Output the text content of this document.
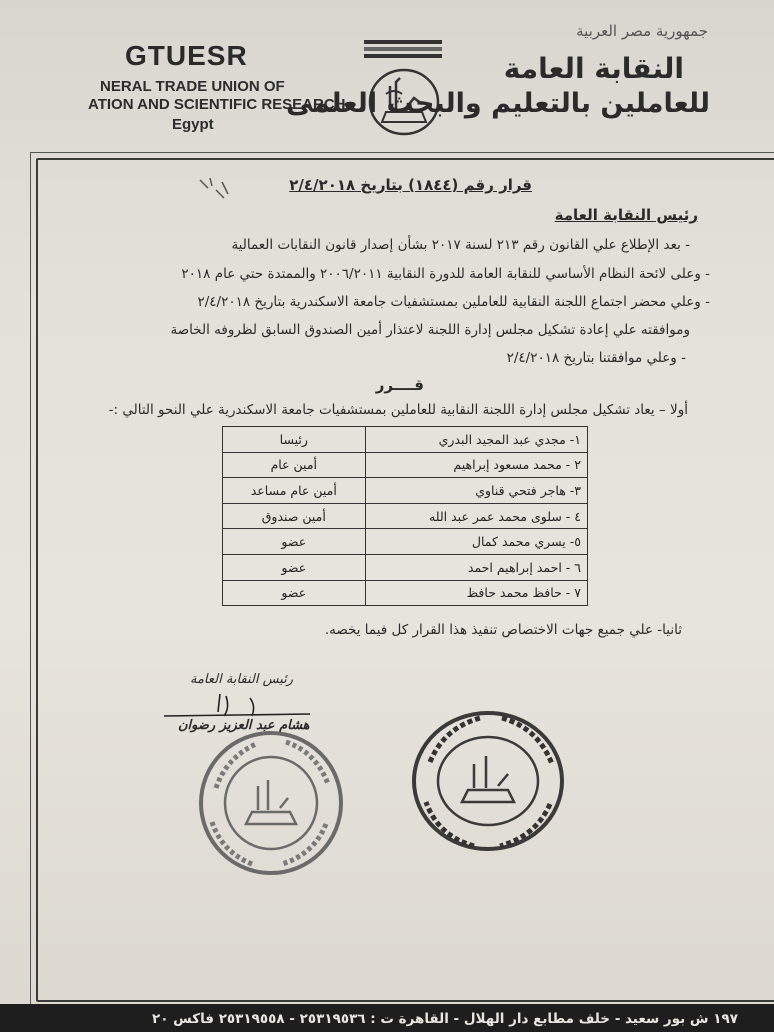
GTUESR
NERAL TRADE UNION OF
ATION AND SCIENTIFIC RESEARCH
Egypt
جمهورية مصر العربية
النقابة العامة
للعاملين بالتعليم والبحث العلمى
قرار رقم (١٨٤٤) بتاريخ ٢/٤/٢٠١٨
رئيس النقابة العامة
- بعد الإطلاع علي القانون رقم ٢١٣ لسنة ٢٠١٧ بشأن إصدار قانون النقابات العمالية
- وعلى لائحة النظام الأساسي للنقابة العامة للدورة النقابية ٢٠٠٦/٢٠١١ والممتدة حتي عام ٢٠١٨
- وعلي محضر اجتماع اللجنة النقابية للعاملين بمستشفيات جامعة الاسكندرية بتاريخ ٢/٤/٢٠١٨
وموافقته علي إعادة تشكيل مجلس إدارة اللجنة لاعتذار أمين الصندوق السابق لظروفه الخاصة
- وعلي موافقتنا بتاريخ ٢/٤/٢٠١٨
قــــرر
أولا – يعاد تشكيل مجلس إدارة اللجنة النقابية للعاملين بمستشفيات جامعة الاسكندرية علي النحو التالي :-
١- مجدي عبد المجيد البدري	رئيسا
٢ - محمد مسعود إبراهيم	أمين عام
٣- هاجر فتحي قناوي	أمين عام مساعد
٤ - سلوى محمد عمر عبد الله	أمين صندوق
٥- يسري محمد كمال	عضو
٦ - احمد إبراهيم احمد	عضو
٧ - حافظ محمد حافظ	عضو
ثانيا- علي جميع جهات الاختصاص تنفيذ هذا القرار كل فيما يخصه.
رئيس النقابة العامة
هشام عبد العزيز رضوان
١٩٧ ش بور سعيد - خلف مطابع دار الهلال - القاهرة ت : ٢٥٣١٩٥٣٦ - ٢٥٣١٩٥٥٨ فاكس ٢٠
